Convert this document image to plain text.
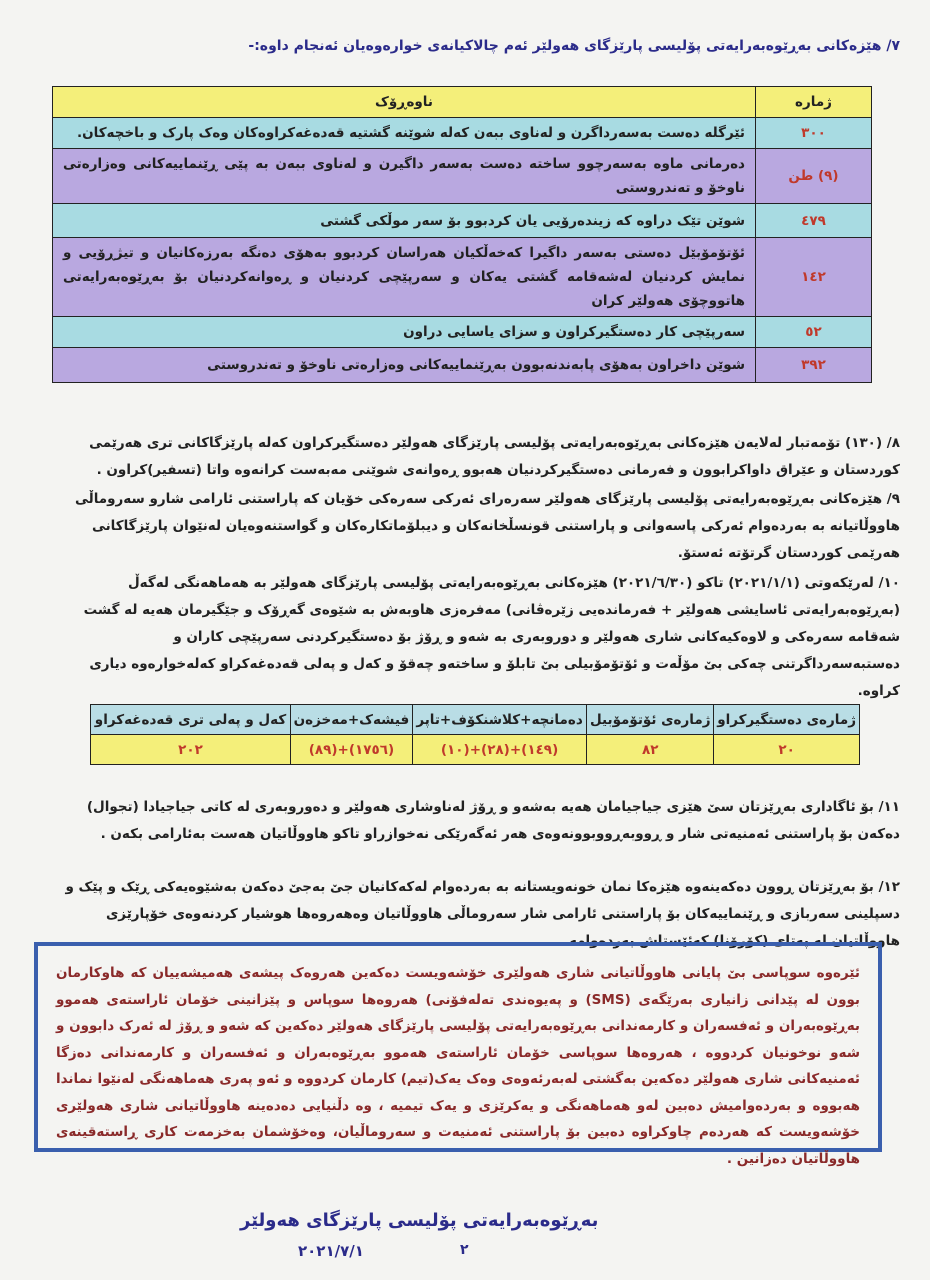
٧/ هێزەکانی بەڕێوەبەرایەتی پۆلیسی پارێزگای هەولێر ئەم چالاکیانەی خوارەوەیان ئەنجام داوە:-
ژمارە	ناوەڕۆک
٣٠٠	ئێرگلە دەست بەسەرداگرن و لەناوی ببەن کەلە شوێنە گشتیە قەدەغەکراوەکان وەک پارک و باخچەکان.
(٩) طن	دەرمانی ماوە بەسەرچوو ساختە دەست بەسەر داگیرن و لەناوی ببەن بە پێی ڕێنماییەکانی وەزارەتی ناوخۆ و تەندروستی
٤٧٩	شوێن تێک دراوە کە زیندەرۆیی یان کردبوو بۆ سەر موڵکی گشتی
١٤٢	ئۆتۆمۆبێل دەستی بەسەر داگیرا کەخەڵکیان هەراسان کردبوو بەهۆی دەنگە بەرزەکانیان و تیژڕۆیی و نمایش کردنیان لەشەقامە گشتی یەکان و سەرپێچی کردنیان و ڕەوانەکردنیان بۆ بەڕێوەبەرایەتی هاتووچۆی هەولێر کران
٥٢	سەرپێچی کار دەستگیرکراون و سزای یاسایی دراون
٣٩٢	شوێن داخراون بەهۆی پابەندنەبوون بەڕێنماییەکانی وەزارەتی ناوخۆ و تەندروستی
٨/ (١٣٠) تۆمەتبار لەلایەن هێزەکانی بەڕێوەبەرایەتی پۆلیسی پارێزگای هەولێر دەستگیرکراون کەلە پارێزگاکانی تری هەرێمی کوردستان و عێراق داواکرابوون و فەرمانی دەستگیرکردنیان هەبوو ڕەوانەی شوێنی مەبەست کرانەوە واتا (تسفیر)کراون .
٩/ هێزەکانی بەڕێوەبەرایەتی پۆلیسی پارێزگای هەولێر سەرەرای ئەرکی سەرەکی خۆیان کە پاراستنی ئارامی شارو سەروماڵی هاووڵاتیانە بە بەردەوام ئەرکی پاسەوانی و پاراستنی قونسڵخانەکان و دیبلۆماتکارەکان و گواستنەوەیان لەنێوان پارێزگاکانی هەرێمی کوردستان گرتۆتە ئەستۆ.
١٠/ لەرێکەوتی (٢٠٢١/١/١) تاکو (٢٠٢١/٦/٣٠) هێزەکانی بەڕێوەبەرایەتی پۆلیسی پارێزگای هەولێر بە هەماهەنگی لەگەڵ (بەڕێوەبەرایەتی ئاسایشی هەولێر + فەرماندەیی زێرەڤانی) مەفرەزی هاوبەش بە شێوەی گەڕۆک و جێگیرمان هەیە لە گشت شەقامە سەرەکی و لاوەکیەکانی شاری هەولێر و دوروبەری بە شەو و ڕۆژ بۆ دەستگیرکردنی سەرپێچی کاران و دەستبەسەرداگرتنی چەکی بێ مۆڵەت و ئۆتۆمۆبیلی بێ تابلۆ و ساختەو چەقۆ و کەل و پەلی قەدەغەکراو کەلەخوارەوە دیاری کراوە.
ژمارەی دەستگیرکراو	ژمارەی ئۆتۆمۆبیل	دەمانچە+کلاشنکۆف+تاپر	فیشەک+مەخزەن	کەل و پەلی تری قەدەغەکراو
٢٠	٨٢	(١٤٩)+(٢٨)+(١٠)	(١٧٥٦)+(٨٩)	٢٠٢
١١/ بۆ ئاگاداری بەڕێزتان سێ هێزی جیاجیامان هەیە بەشەو و ڕۆژ لەناوشاری هەولێر و دەوروبەری لە کاتی جیاجیادا (تجوال) دەکەن بۆ پاراستنی ئەمنیەتی شار و ڕووبەڕووبوونەوەی هەر ئەگەرێکی نەخوازراو تاکو هاووڵاتیان هەست بەئارامی بکەن .
١٢/ بۆ بەڕێزتان ڕوون دەکەینەوە هێزەکا نمان خونەویستانە بە بەردەوام لەکەکانیان جێ بەجێ دەکەن بەشێوەیەکی ڕێک و پێک و دسپلینی سەربازی و ڕێنماییەکان بۆ پاراستنی ئارامی شار سەروماڵی هاووڵاتیان وەهەروەها هوشیار کردنەوەی خۆپارێزی هاووڵاتیان لە پەتای (کۆرۆنا) کەئێستاش بەردەوامە.
ئێرەوە سوپاسی بێ پایانی هاووڵاتیانی شاری هەولێری خۆشەویست دەکەین هەروەک پیشەی هەمیشەییان کە هاوکارمان بوون لە پێدانی زانیاری بەرێگەی (SMS) و پەیوەندی تەلەفۆنی) هەروەها سوپاس و پێزانینی خۆمان ئاراستەی هەموو بەڕێوەبەران و ئەفسەران و کارمەندانی بەڕێوەبەرایەتی پۆلیسی پارێزگای هەولێر دەکەین کە شەو و ڕۆژ لە ئەرک دابوون و شەو نوخونیان کردووە ، هەروەها سوپاسی خۆمان ئاراستەی هەموو بەڕێوەبەران و ئەفسەران و کارمەندانی دەزگا ئەمنیەکانی شاری هەولێر دەکەین بەگشتی لەبەرئەوەی وەک یەک(تیم) کارمان کردووە و ئەو پەری هەماهەنگی لەنێوا نماندا هەبووە و بەردەوامیش دەبین لەو هەماهەنگی و یەکرێزی و یەک تیمیە ، وە دڵنیایی دەدەینە هاووڵاتیانی شاری هەولێری خۆشەویست کە هەردەم چاوکراوە دەبین بۆ پاراستنی ئەمنیەت و سەروماڵیان، وەخۆشمان بەخزمەت کاری ڕاستەقینەی هاووڵاتیان دەزانین .
بەڕێوەبەرایەتی پۆلیسی پارێزگای هەولێر
٢٠٢١/٧/١	٢
